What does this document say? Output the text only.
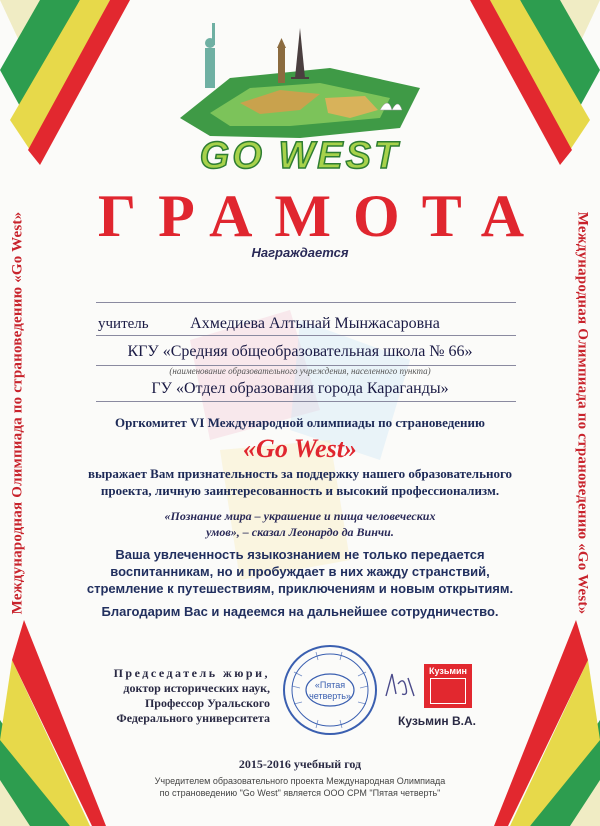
Международная Олимпиада по страноведению «Go West»	Международная Олимпиада по страноведению «Go West»
GO WEST
ГРАМОТА
Награждается
учитель	Ахмедиева Алтынай Мынжасаровна
КГУ «Средняя общеобразовательная школа № 66»
(наименование образовательного учреждения, населенного пункта)
ГУ «Отдел образования города Караганды»
Оргкомитет VI Международной олимпиады по страноведению
«Go West»
выражает Вам признательность за поддержку нашего образовательного
проекта, личную заинтересованность и высокий профессионализм.
«Познание мира – украшение и пища человеческих
умов», – сказал Леонардо да Винчи.
Ваша увлеченность языкознанием не только передается
воспитанникам, но и пробуждает в них жажду странствий,
стремление к путешествиям, приключениям и новым открытиям.
Благодарим Вас и надеемся на дальнейшее сотрудничество.
Председатель жюри,
доктор исторических наук,
Профессор Уральского
Федерального университета
«Пятая
четверть»
Кузьмин
Кузьмин В.А.
2015-2016 учебный год
Учредителем образовательного проекта Международная Олимпиада
по страноведению "Go West" является ООО СРМ "Пятая четверть"
